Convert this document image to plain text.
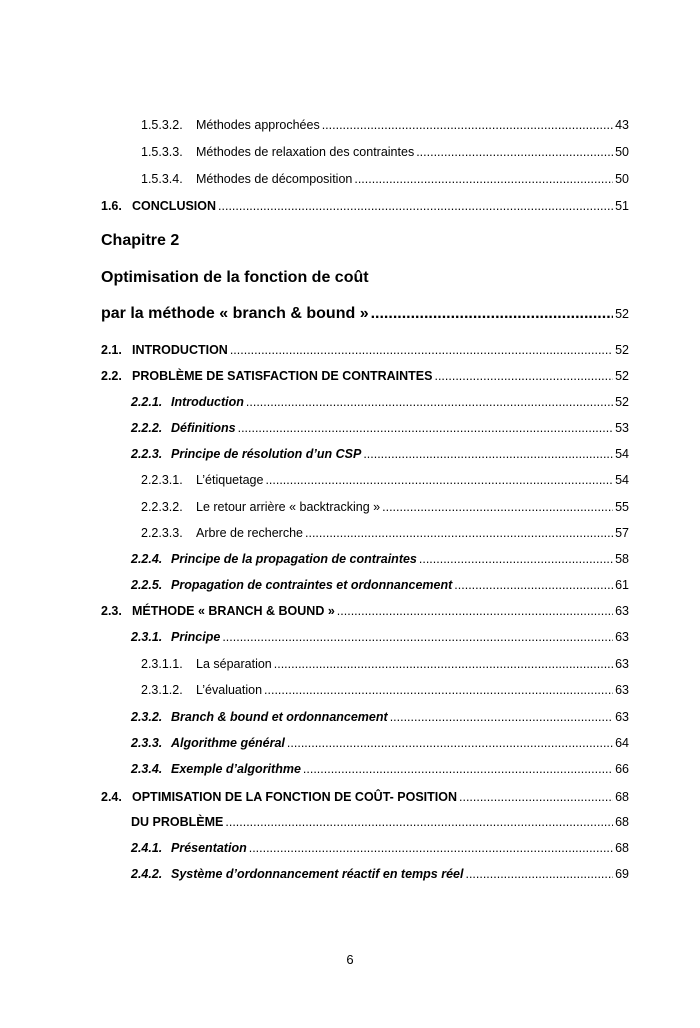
1.5.3.2.	Méthodes approchées .....	43
1.5.3.3.	Méthodes de relaxation des contraintes .....	50
1.5.3.4.	Méthodes de décomposition .....	50
1.6. CONCLUSION .....	51
Chapitre 2
Optimisation de la fonction de coût
par la méthode « branch & bound » .....	52
2.1. INTRODUCTION .....	52
2.2. PROBLÈME DE SATISFACTION DE CONTRAINTES .....	52
2.2.1. Introduction .....	52
2.2.2. Définitions .....	53
2.2.3. Principe de résolution d’un CSP .....	54
2.2.3.1.	L’étiquetage .....	54
2.2.3.2.	Le retour arrière « backtracking » .....	55
2.2.3.3.	Arbre de recherche .....	57
2.2.4. Principe de la propagation de contraintes .....	58
2.2.5. Propagation de contraintes et ordonnancement .....	61
2.3. MÉTHODE « BRANCH & BOUND » .....	63
2.3.1. Principe .....	63
2.3.1.1.	La séparation .....	63
2.3.1.2.	L’évaluation .....	63
2.3.2. Branch & bound et ordonnancement .....	63
2.3.3. Algorithme général .....	64
2.3.4. Exemple d’algorithme .....	66
2.4. OPTIMISATION DE LA FONCTION DE COÛT- POSITION .....	68
DU PROBLÈME .....	68
2.4.1. Présentation .....	68
2.4.2. Système d’ordonnancement réactif en temps réel .....	69
6
